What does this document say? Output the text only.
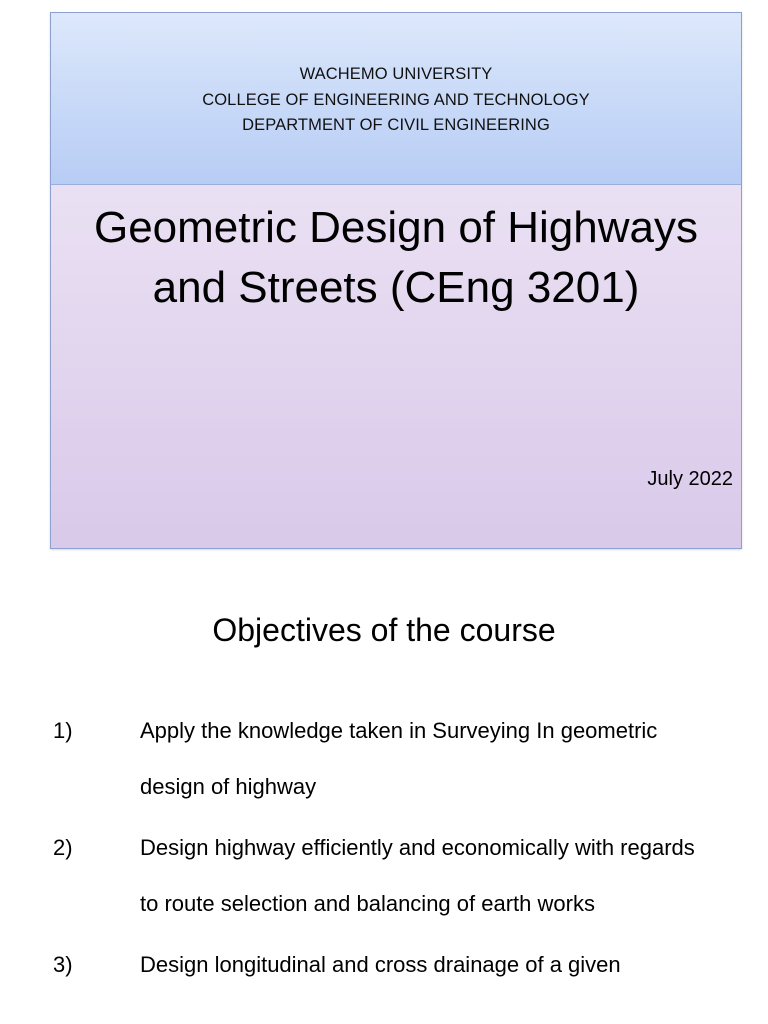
WACHEMO UNIVERSITY
COLLEGE OF ENGINEERING AND TECHNOLOGY
DEPARTMENT OF CIVIL ENGINEERING
Geometric Design of Highways
and Streets (CEng 3201)
July 2022
Objectives of the course
1)	Apply the knowledge taken in Surveying In geometric design of highway
2)	Design highway efficiently and economically with regards to route selection and balancing of earth works
3)	Design longitudinal and cross drainage of a given
